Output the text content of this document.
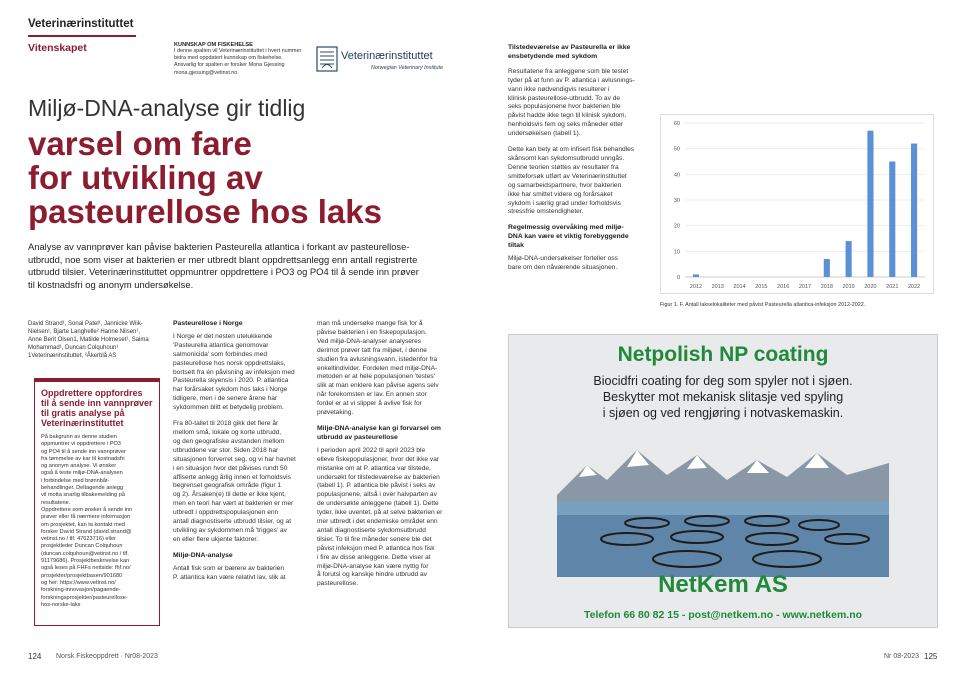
Veterinærinstituttet
Vitenskapet	KUNNSKAP OM FISKEHELSE
I denne spalten vil Veterinærinstituttet i hvert nummer
bidra med oppdatert kunnskap om fiskehelse.
Ansvarlig for spalten er forsker Mona Gjessing
mona.gjessing@vetinst.no
Veterinærinstituttet
Norwegian Veterinary Institute
Miljø-DNA-analyse gir tidlig
varsel om fare
for utvikling av
pasteurellose hos laks
Analyse av vannprøver kan påvise bakterien Pasteurella atlantica i forkant av pasteurellose-
utbrudd, noe som viser at bakterien er mer utbredt blant oppdrettsanlegg enn antall registrerte
utbrudd tilsier. Veterinærinstituttet oppmuntrer oppdrettere i PO3 og PO4 til å sende inn prøver
til kostnadsfri og anonym undersøkelse.
David Strand¹, Sonal Patel¹, Jannicke Wiik-
Nielsen¹, Bjarte Langhelle² Hanne Nilsen¹,
Anne Berit Olsen1, Matilde Holmeset¹, Saima
Mohammad¹, Duncan Colquhoun¹
1Veterinærinstituttet, ²Åkerblå AS
Oppdrettere oppfordres
til å sende inn vannprøver
til gratis analyse på
Veterinærinstituttet
På bakgrunn av denne studien
oppmuntrer vi oppdrettere i PO3
og PO4 til å sende inn vannprøver
fra tømmelse av kar til kostnadsfri
og anonym analyse. Vi ønsker
også å teste miljø-DNA-analysen
i forbindelse med brønnbåt-
behandlinger. Deltagende anlegg
vil motta snarlig tilbakemelding på
resultatene.
Oppdrettere som ønsker å sende inn
prøver eller få nærmere informasjon
om prosjektet, kan ta kontakt med
forsker David Strand (david.strand@
vetinst.no / tlf. 47623716) eller
prosjektleder Duncan Colquhoun
(duncan.colquhoun@vetinst.no / tlf.
91179686). Prosjektbeskrivelse kan
også leses på FHFs nettside: fhf.no/
prosjekter/prosjektbasen/901680
og her: https://www.vetinst.no/
forskning-innovasjon/pagaende-
forskningsprosjekter/pasteurellose-
hos-norske-laks
Pasteurellose i Norge
I Norge er det nesten utelukkende
'Pasteurella atlantica genomovar
salmonicida' som forbindes med
pasteurellose hos norsk oppdrettslaks,
bortsett fra én påvisning av infeksjon med
Pasteurella skyensis i 2020. P. atlantica
har forårsaket sykdom hos laks i Norge
tidligere, men i de senere årene har
sykdommen blitt et betydelig problem.
Fra 80-tallet til 2018 gikk det flere år
mellom små, lokale og korte utbrudd,
og den geografiske avstanden mellom
utbruddene var stor. Siden 2018 har
situasjonen forverret seg, og vi har havnet
i en situasjon hvor det påvises rundt 50
affiserte anlegg årlig innen et forholdsvis
begrenset geografisk område (figur 1
og 2). Årsaken(e) til dette er ikke kjent,
men en teori har vært at bakterien er mer
utbredt i oppdrettspopulasjonen enn
antall diagnostiserte utbrudd tilsier, og at
utvikling av sykdommen må 'trigges' av
en eller flere ukjente faktorer.
Miljø-DNA-analyse
Antall fisk som er bærere av bakterien
P. atlantica kan være relativt lav, slik at
man må undersøke mange fisk for å
påvise bakterien i en fiskepopulasjon.
Ved miljø-DNA-analyser analyseres
derimot prøver tatt fra miljøet, i denne
studien fra avlusningsvann, istedenfor fra
enkeltindivider. Fordelen med miljø-DNA-
metoden er at hele populasjonen 'testes'
slik at man enklere kan påvise agens selv
når forekomsten er lav. En annen stor
fordel er at vi slipper å avlive fisk for
prøvetaking.
Miljø-DNA-analyse kan gi forvarsel om
utbrudd av pasteurellose
I perioden april 2022 til april 2023 ble
elleve fiskepopulasjoner, hvor det ikke var
mistanke om at P. atlantica var tilstede,
undersøkt for tilstedeværelse av bakterien
(tabell 1). P. atlantica ble påvist i seks av
populasjonene, altså i over halvparten av
de undersøkte anleggene (tabell 1). Dette
tyder, ikke uventet, på at selve bakterien er
mer utbredt i det endemiske området enn
antall diagnostiserte sykdomsutbrudd
tilsier. To til fire måneder senere ble det
påvist infeksjon med P. atlantica hos fisk
i fire av disse anleggene. Dette viser at
miljø-DNA-analyse kan være nyttig for
å forutsi og kanskje hindre utbrudd av
pasteurellose.
124 Norsk Fiskeoppdrett · Nr08-2023
Tilstedeværelse av Pasteurella er ikke
ensbetydende med sykdom
Resultatene fra anleggene som ble testet
tyder på at funn av P. atlantica i avlusnings-
vann ikke nødvendigvis resulterer i
klinisk pasteurellose-utbrudd. To av de
seks populasjonene hvor bakterien ble
påvist hadde ikke tegn til klinisk sykdom,
henholdsvis fem og seks måneder etter
undersøkelsen (tabell 1).
Dette kan bety at om infisert fisk behandles
skånsomt kan sykdomsutbrudd unngås.
Denne teorien støttes av resultater fra
smitteforsøk utført av Veterinærinstituttet
og samarbeidspartnere, hvor bakterien
ikke har smittet videre og forårsaket
sykdom i særlig grad under forholdsvis
stressfrie omstendigheter.
Regelmessig overvåking med miljø-
DNA kan være et viktig forebyggende
tiltak
Miljø-DNA-undersøkelser forteller oss
bare om den nåværende situasjonen.
0
10
20
30
40
50
60
2012 2013 2014 2015 2016 2017 2018 2019 2020 2021 2022
Figur 1. F. Antall lakselokaliteter med påvist Pasteurella atlantica-infeksjon 2012-2022.
Netpolish NP coating
Biocidfri coating for deg som spyler not i sjøen.
Beskytter mot mekanisk slitasje ved spyling
i sjøen og ved rengjøring i notvaskemaskin.
NetKem AS
Telefon 66 80 82 15 - post@netkem.no - www.netkem.no
Nr 08-2023 125
